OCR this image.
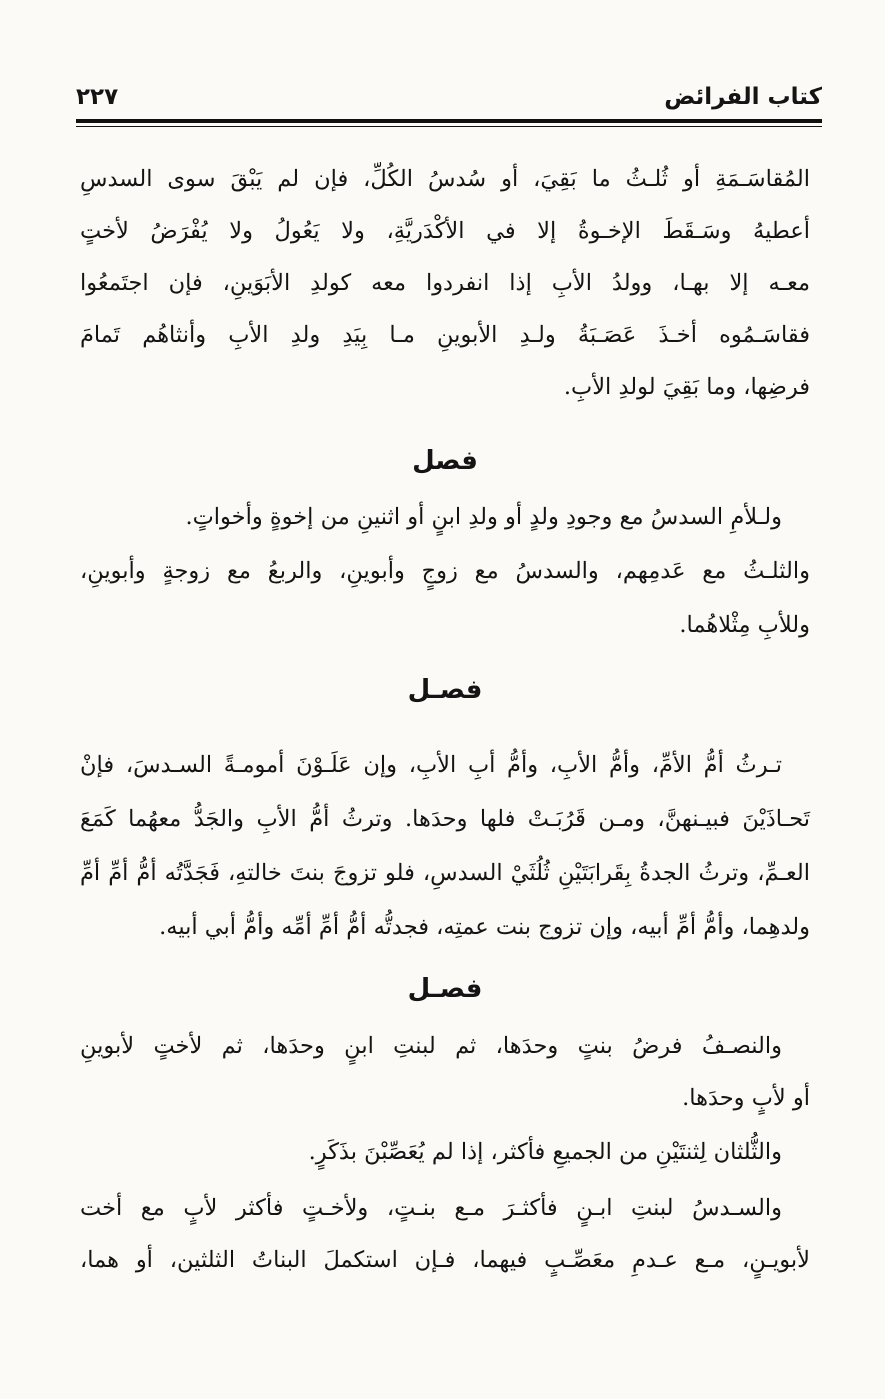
كتاب الفرائض
٢٢٧
المُقاسَـمَةِ أو ثُلـثُ ما بَقِيَ، أو سُدسُ الكُلِّ، فإن لم يَبْقَ سوى السدسِ
أعطيهُ وسَـقَطَ الإخـوةُ إلا في الأكْدَريَّةِ، ولا يَعُولُ ولا يُفْرَضُ لأختٍ
معـه إلا بهـا، وولدُ الأبِ إذا انفردوا معه كولدِ الأبَوَينِ، فإن اجتَمعُوا
فقاسَـمُوه أخـذَ عَصَـبَةُ ولـدِ الأبوينِ مـا بِيَدِ ولدِ الأبِ وأنثاهُم تَمامَ
فرضِها، وما بَقِيَ لولدِ الأبِ.
فصل
ولـلأمِ السدسُ مع وجودِ ولدٍ أو ولدِ ابنٍ أو اثنينِ من إخوةٍ وأخواتٍ.
والثلـثُ مع عَدمِهم، والسدسُ مع زوجٍ وأبوينِ، والربعُ مع زوجةٍ وأبوينِ،
وللأبِ مِثْلاهُما.
فصـل
تـرثُ أمُّ الأمِّ، وأمُّ الأبِ، وأمُّ أبِ الأبِ، وإن عَلَـوْنَ أمومـةً السـدسَ، فإنْ
تَحـاذَيْنَ فبيـنهنَّ، ومـن قَرُبَـتْ فلها وحدَها. وترثُ أمُّ الأبِ والجَدُّ معهُما كَمَعَ
العـمِّ، وترثُ الجدةُ بِقَرابَتَيْنِ ثُلُثَيْ السدسِ، فلو تزوجَ بنتَ خالتهِ، فَجَدَّتُه أمُّ أمِّ أمِّ
ولدهِما، وأمُّ أمِّ أبيه، وإن تزوج بنت عمتِه، فجدتُّه أمُّ أمِّ أمِّه وأمُّ أبي أبيه.
فصـل
والنصـفُ فرضُ بنتٍ وحدَها، ثم لبنتِ ابنٍ وحدَها، ثم لأختٍ لأبوينِ
أو لأبٍ وحدَها.
والثُّلثان لِثنتَيْنِ من الجميعِ فأكثر، إذا لم يُعَصِّبْنَ بذَكَرٍ.
والسـدسُ لبنتِ ابـنٍ فأكثـرَ مـع بنـتٍ، ولأخـتٍ فأكثر لأبٍ مع أخت
لأبويـنٍ، مـع عـدمِ معَصِّـبٍ فيهما، فـإن استكملَ البناتُ الثلثين، أو هما،
